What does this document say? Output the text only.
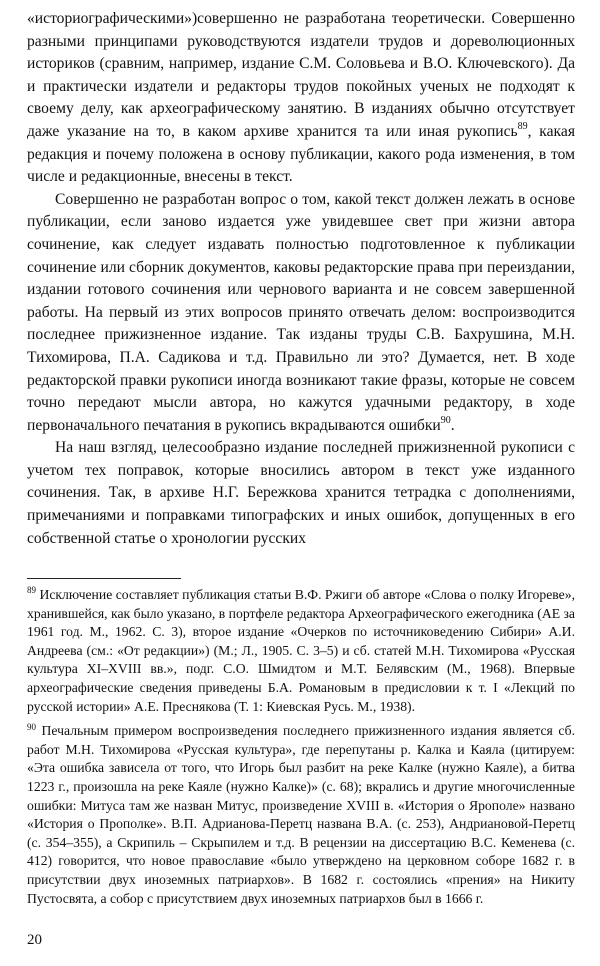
«историографическими»)совершенно не разработана теоретически. Совершенно разными принципами руководствуются издатели трудов и дореволюционных историков (сравним, например, издание С.М. Соловьева и В.О. Ключевского). Да и практически издатели и редакторы трудов покойных ученых не подходят к своему делу, как археографическому занятию. В изданиях обычно отсутствует даже указание на то, в каком архиве хранится та или иная рукопись$^{89}$, какая редакция и почему положена в основу публикации, какого рода изменения, в том числе и редакционные, внесены в текст.

Совершенно не разработан вопрос о том, какой текст должен лежать в основе публикации, если заново издается уже увидевшее свет при жизни автора сочинение, как следует издавать полностью подготовленное к публикации сочинение или сборник документов, каковы редакторские права при переиздании, издании готового сочинения или чернового варианта и не совсем завершенной работы. На первый из этих вопросов принято отвечать делом: воспроизводится последнее прижизненное издание. Так изданы труды С.В. Бахрушина, М.Н. Тихомирова, П.А. Садикова и т.д. Правильно ли это? Думается, нет. В ходе редакторской правки рукописи иногда возникают такие фразы, которые не совсем точно передают мысли автора, но кажутся удачными редактору, в ходе первоначального печатания в рукопись вкрадываются ошибки$^{90}$.

На наш взгляд, целесообразно издание последней прижизненной рукописи с учетом тех поправок, которые вносились автором в текст уже изданного сочинения. Так, в архиве Н.Г. Бережкова хранится тетрадка с дополнениями, примечаниями и поправками типографских и иных ошибок, допущенных в его собственной статье о хронологии русских

$^{89}$ Исключение составляет публикация статьи В.Ф. Ржиги об авторе «Слова о полку Игореве», хранившейся, как было указано, в портфеле редактора Археографического ежегодника (АЕ за 1961 год. М., 1962. С. 3), второе издание «Очерков по источниковедению Сибири» А.И. Андреева (см.: «От редакции») (М.; Л., 1905. С. 3–5) и сб. статей М.Н. Тихомирова «Русская культура XI–XVIII вв.», подг. С.О. Шмидтом и М.Т. Белявским (М., 1968). Впервые археографические сведения приведены Б.А. Романовым в предисловии к т. I «Лекций по русской истории» А.Е. Преснякова (Т. 1: Киевская Русь. М., 1938).

$^{90}$ Печальным примером воспроизведения последнего прижизненного издания является сб. работ М.Н. Тихомирова «Русская культура», где перепутаны р. Калка и Каяла (цитируем: «Эта ошибка зависела от того, что Игорь был разбит на реке Калке (нужно Каяле), а битва 1223 г., произошла на реке Каяле (нужно Калке)» (с. 68); вкрались и другие многочисленные ошибки: Митуса там же назван Митус, произведение XVIII в. «История о Ярополе» названо «История о Прополке». В.П. Адрианова-Перетц названа В.А. (с. 253), Андриановой-Перетц (с. 354–355), а Скрипиль – Скрыпилем и т.д. В рецензии на диссертацию В.С. Кеменева (с. 412) говорится, что новое православие «было утверждено на церковном соборе 1682 г. в присутствии двух иноземных патриархов». В 1682 г. состоялись «прения» на Никиту Пустосвята, а собор с присутствием двух иноземных патриархов был в 1666 г.

20
